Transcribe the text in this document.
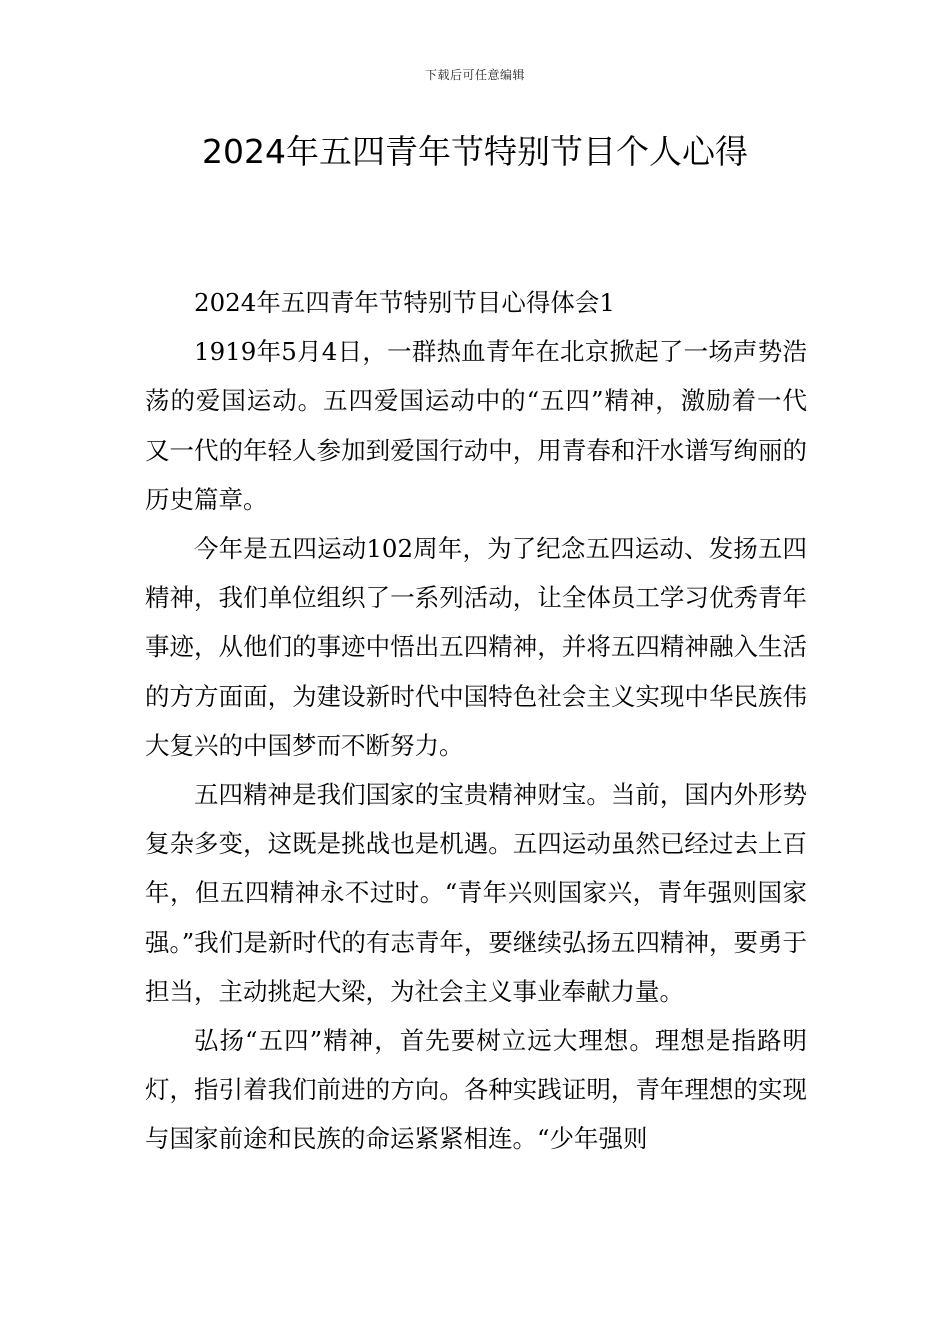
下载后可任意编辑
2024年五四青年节特别节目个人心得

2024年五四青年节特别节目心得体会1

1919年5月4日，一群热血青年在北京掀起了一场声势浩荡的爱国运动。五四爱国运动中的“五四”精神，激励着一代又一代的年轻人参加到爱国行动中，用青春和汗水谱写绚丽的历史篇章。

今年是五四运动102周年，为了纪念五四运动、发扬五四精神，我们单位组织了一系列活动，让全体员工学习优秀青年事迹，从他们的事迹中悟出五四精神，并将五四精神融入生活的方方面面，为建设新时代中国特色社会主义实现中华民族伟大复兴的中国梦而不断努力。

五四精神是我们国家的宝贵精神财宝。当前，国内外形势复杂多变，这既是挑战也是机遇。五四运动虽然已经过去上百年，但五四精神永不过时。“青年兴则国家兴，青年强则国家强。”我们是新时代的有志青年，要继续弘扬五四精神，要勇于担当，主动挑起大梁，为社会主义事业奉献力量。

弘扬“五四”精神，首先要树立远大理想。理想是指路明灯，指引着我们前进的方向。各种实践证明，青年理想的实现与国家前途和民族的命运紧紧相连。“少年强则
